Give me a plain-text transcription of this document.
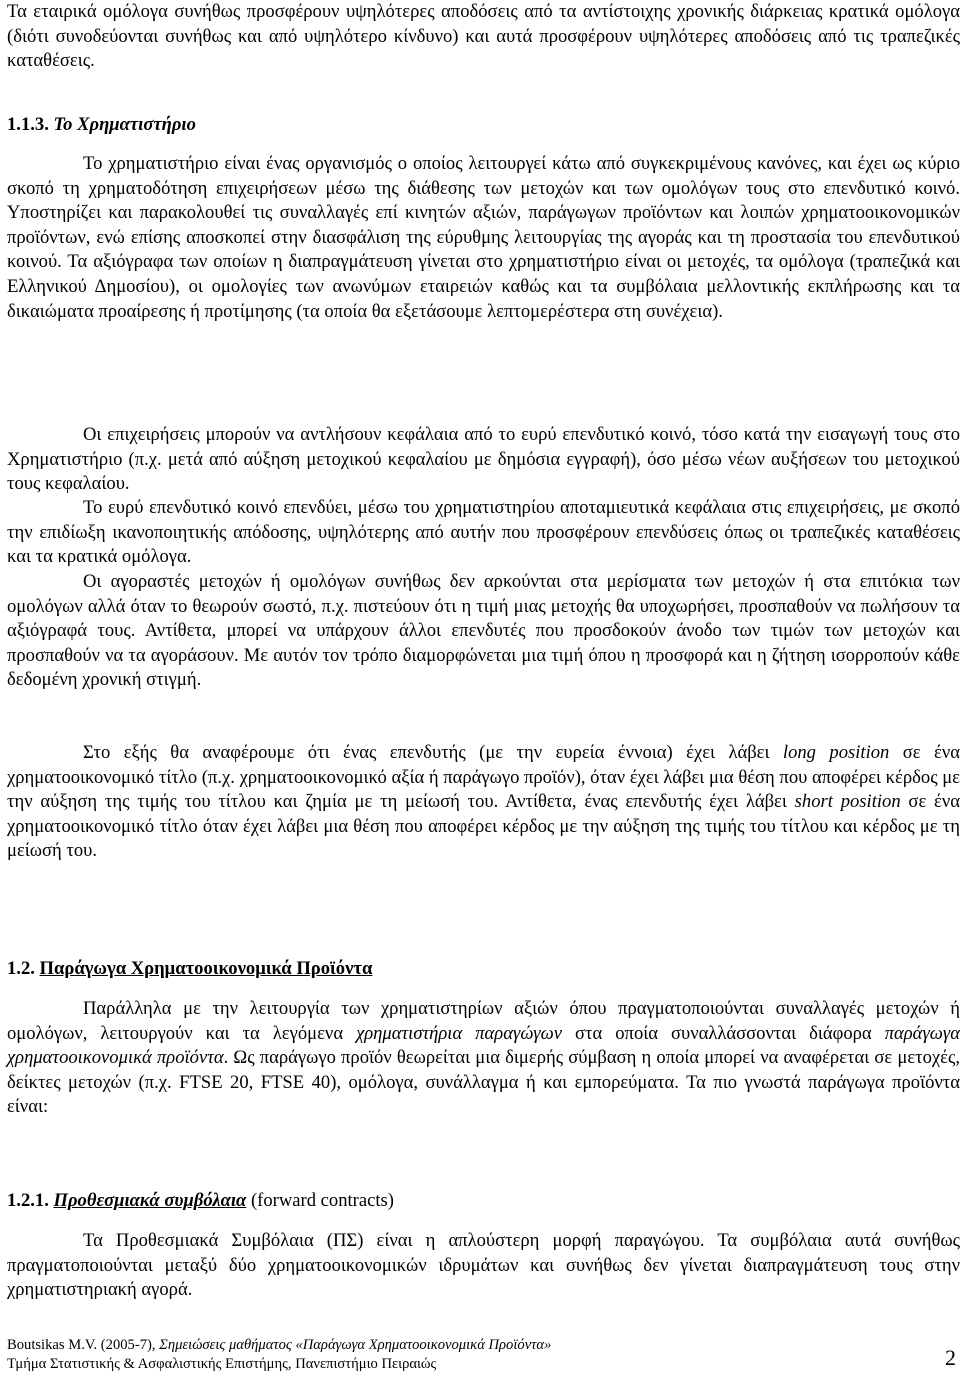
Τα εταιρικά ομόλογα συνήθως προσφέρουν υψηλότερες αποδόσεις από τα αντίστοιχης χρονικής διάρκειας κρατικά ομόλογα (διότι συνοδεύονται συνήθως και από υψηλότερο κίνδυνο) και αυτά προσφέρουν υψηλότερες αποδόσεις από τις τραπεζικές καταθέσεις.

1.1.3. Το Χρηματιστήριο

Το χρηματιστήριο είναι ένας οργανισμός ο οποίος λειτουργεί κάτω από συγκεκριμένους κανόνες, και έχει ως κύριο σκοπό τη χρηματοδότηση επιχειρήσεων μέσω της διάθεσης των μετοχών και των ομολόγων τους στο επενδυτικό κοινό. Υποστηρίζει και παρακολουθεί τις συναλλαγές επί κινητών αξιών, παράγωγων προϊόντων και λοιπών χρηματοοικονομικών προϊόντων, ενώ επίσης αποσκοπεί στην διασφάλιση της εύρυθμης λειτουργίας της αγοράς και τη προστασία του επενδυτικού κοινού. Τα αξιόγραφα των οποίων η διαπραγμάτευση γίνεται στο χρηματιστήριο είναι οι μετοχές, τα ομόλογα (τραπεζικά και Ελληνικού Δημοσίου), οι ομολογίες των ανωνύμων εταιρειών καθώς και τα συμβόλαια μελλοντικής εκπλήρωσης και τα δικαιώματα προαίρεσης ή προτίμησης (τα οποία θα εξετάσουμε λεπτομερέστερα στη συνέχεια).

Οι επιχειρήσεις μπορούν να αντλήσουν κεφάλαια από το ευρύ επενδυτικό κοινό, τόσο κατά την εισαγωγή τους στο Χρηματιστήριο (π.χ. μετά από αύξηση μετοχικού κεφαλαίου με δημόσια εγγραφή), όσο μέσω νέων αυξήσεων του μετοχικού τους κεφαλαίου.

Το ευρύ επενδυτικό κοινό επενδύει, μέσω του χρηματιστηρίου αποταμιευτικά κεφάλαια στις επιχειρήσεις, με σκοπό την επιδίωξη ικανοποιητικής απόδοσης, υψηλότερης από αυτήν που προσφέρουν επενδύσεις όπως οι τραπεζικές καταθέσεις και τα κρατικά ομόλογα.

Οι αγοραστές μετοχών ή ομολόγων συνήθως δεν αρκούνται στα μερίσματα των μετοχών ή στα επιτόκια των ομολόγων αλλά όταν το θεωρούν σωστό, π.χ. πιστεύουν ότι η τιμή μιας μετοχής θα υποχωρήσει, προσπαθούν να πωλήσουν τα αξιόγραφά τους. Αντίθετα, μπορεί να υπάρχουν άλλοι επενδυτές που προσδοκούν άνοδο των τιμών των μετοχών και προσπαθούν να τα αγοράσουν. Με αυτόν τον τρόπο διαμορφώνεται μια τιμή όπου η προσφορά και η ζήτηση ισορροπούν κάθε δεδομένη χρονική στιγμή.

Στο εξής θα αναφέρουμε ότι ένας επενδυτής (με την ευρεία έννοια) έχει λάβει long position σε ένα χρηματοοικονομικό τίτλο (π.χ. χρηματοοικονομικό αξία ή παράγωγο προϊόν), όταν έχει λάβει μια θέση που αποφέρει κέρδος με την αύξηση της τιμής του τίτλου και ζημία με τη μείωσή του. Αντίθετα, ένας επενδυτής έχει λάβει short position σε ένα χρηματοοικονομικό τίτλο όταν έχει λάβει μια θέση που αποφέρει κέρδος με την αύξηση της τιμής του τίτλου και κέρδος με τη μείωσή του.

1.2. Παράγωγα Χρηματοοικονομικά Προϊόντα

Παράλληλα με την λειτουργία των χρηματιστηρίων αξιών όπου πραγματοποιούνται συναλλαγές μετοχών ή ομολόγων, λειτουργούν και τα λεγόμενα χρηματιστήρια παραγώγων στα οποία συναλλάσσονται διάφορα παράγωγα χρηματοοικονομικά προϊόντα. Ως παράγωγο προϊόν θεωρείται μια διμερής σύμβαση η οποία μπορεί να αναφέρεται σε μετοχές, δείκτες μετοχών (π.χ. FTSE 20, FTSE 40), ομόλογα, συνάλλαγμα ή και εμπορεύματα. Τα πιο γνωστά παράγωγα προϊόντα είναι:

1.2.1. Προθεσμιακά συμβόλαια (forward contracts)

Τα Προθεσμιακά Συμβόλαια (ΠΣ) είναι η απλούστερη μορφή παραγώγου. Τα συμβόλαια αυτά συνήθως πραγματοποιούνται μεταξύ δύο χρηματοοικονομικών ιδρυμάτων και συνήθως δεν γίνεται διαπραγμάτευση τους στην χρηματιστηριακή αγορά.

Boutsikas M.V. (2005-7), Σημειώσεις μαθήματος «Παράγωγα Χρηματοοικονομικά Προϊόντα»
Τμήμα Στατιστικής & Ασφαλιστικής Επιστήμης, Πανεπιστήμιο Πειραιώς	2
